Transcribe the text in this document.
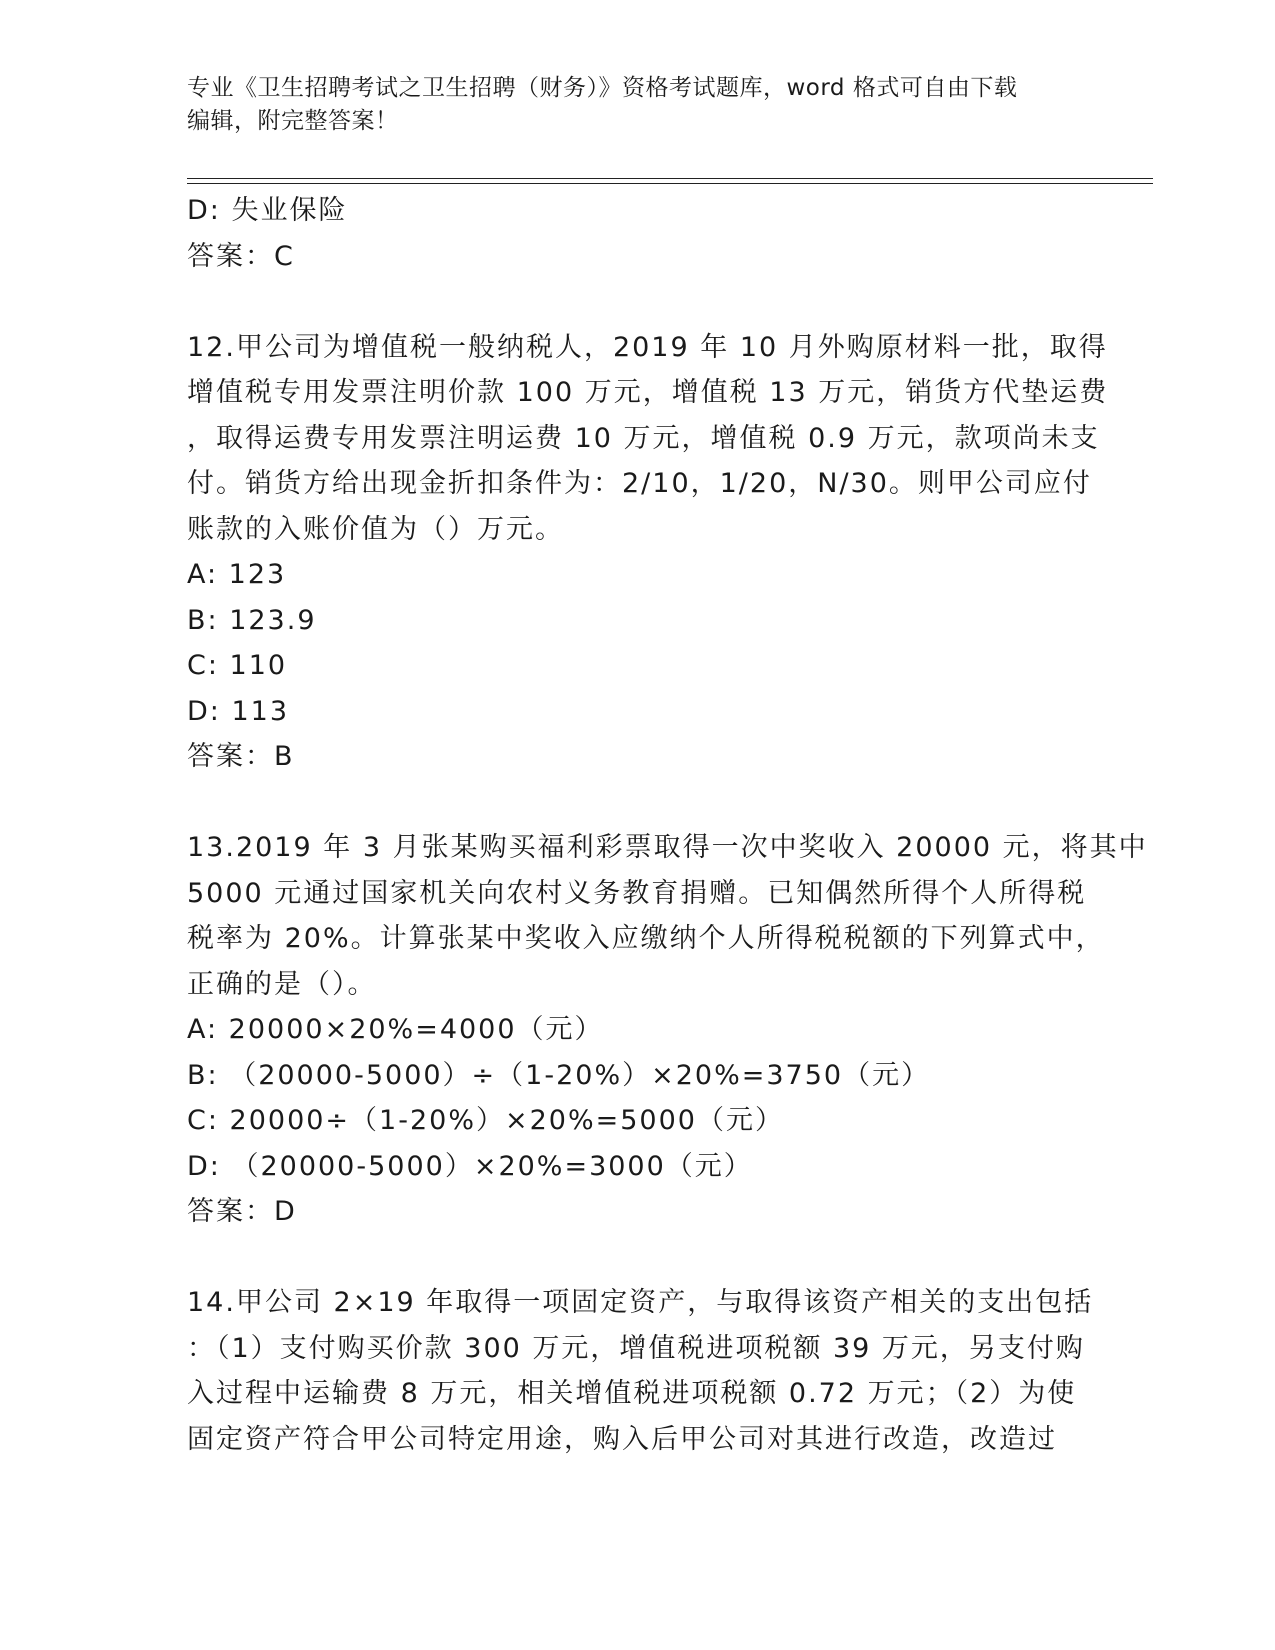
专业《卫生招聘考试之卫生招聘（财务）》资格考试题库，word 格式可自由下载
编辑，附完整答案！

D: 失业保险

答案：C

12.甲公司为增值税一般纳税人，2019 年 10 月外购原材料一批，取得

增值税专用发票注明价款 100 万元，增值税 13 万元，销货方代垫运费

，取得运费专用发票注明运费 10 万元，增值税 0.9 万元，款项尚未支

付。销货方给出现金折扣条件为：2/10，1/20，N/30。则甲公司应付

账款的入账价值为（）万元。

A: 123

B: 123.9

C: 110

D: 113

答案：B

13.2019 年 3 月张某购买福利彩票取得一次中奖收入 20000 元，将其中

5000 元通过国家机关向农村义务教育捐赠。已知偶然所得个人所得税

税率为 20%。计算张某中奖收入应缴纳个人所得税税额的下列算式中，

正确的是（）。

A: 20000×20%=4000（元）

B: （20000-5000）÷（1-20%）×20%=3750（元）

C: 20000÷（1-20%）×20%=5000（元）

D: （20000-5000）×20%=3000（元）

答案：D

14.甲公司 2×19 年取得一项固定资产，与取得该资产相关的支出包括

：（1）支付购买价款 300 万元，增值税进项税额 39 万元，另支付购

入过程中运输费 8 万元，相关增值税进项税额 0.72 万元；（2）为使

固定资产符合甲公司特定用途，购入后甲公司对其进行改造，改造过
